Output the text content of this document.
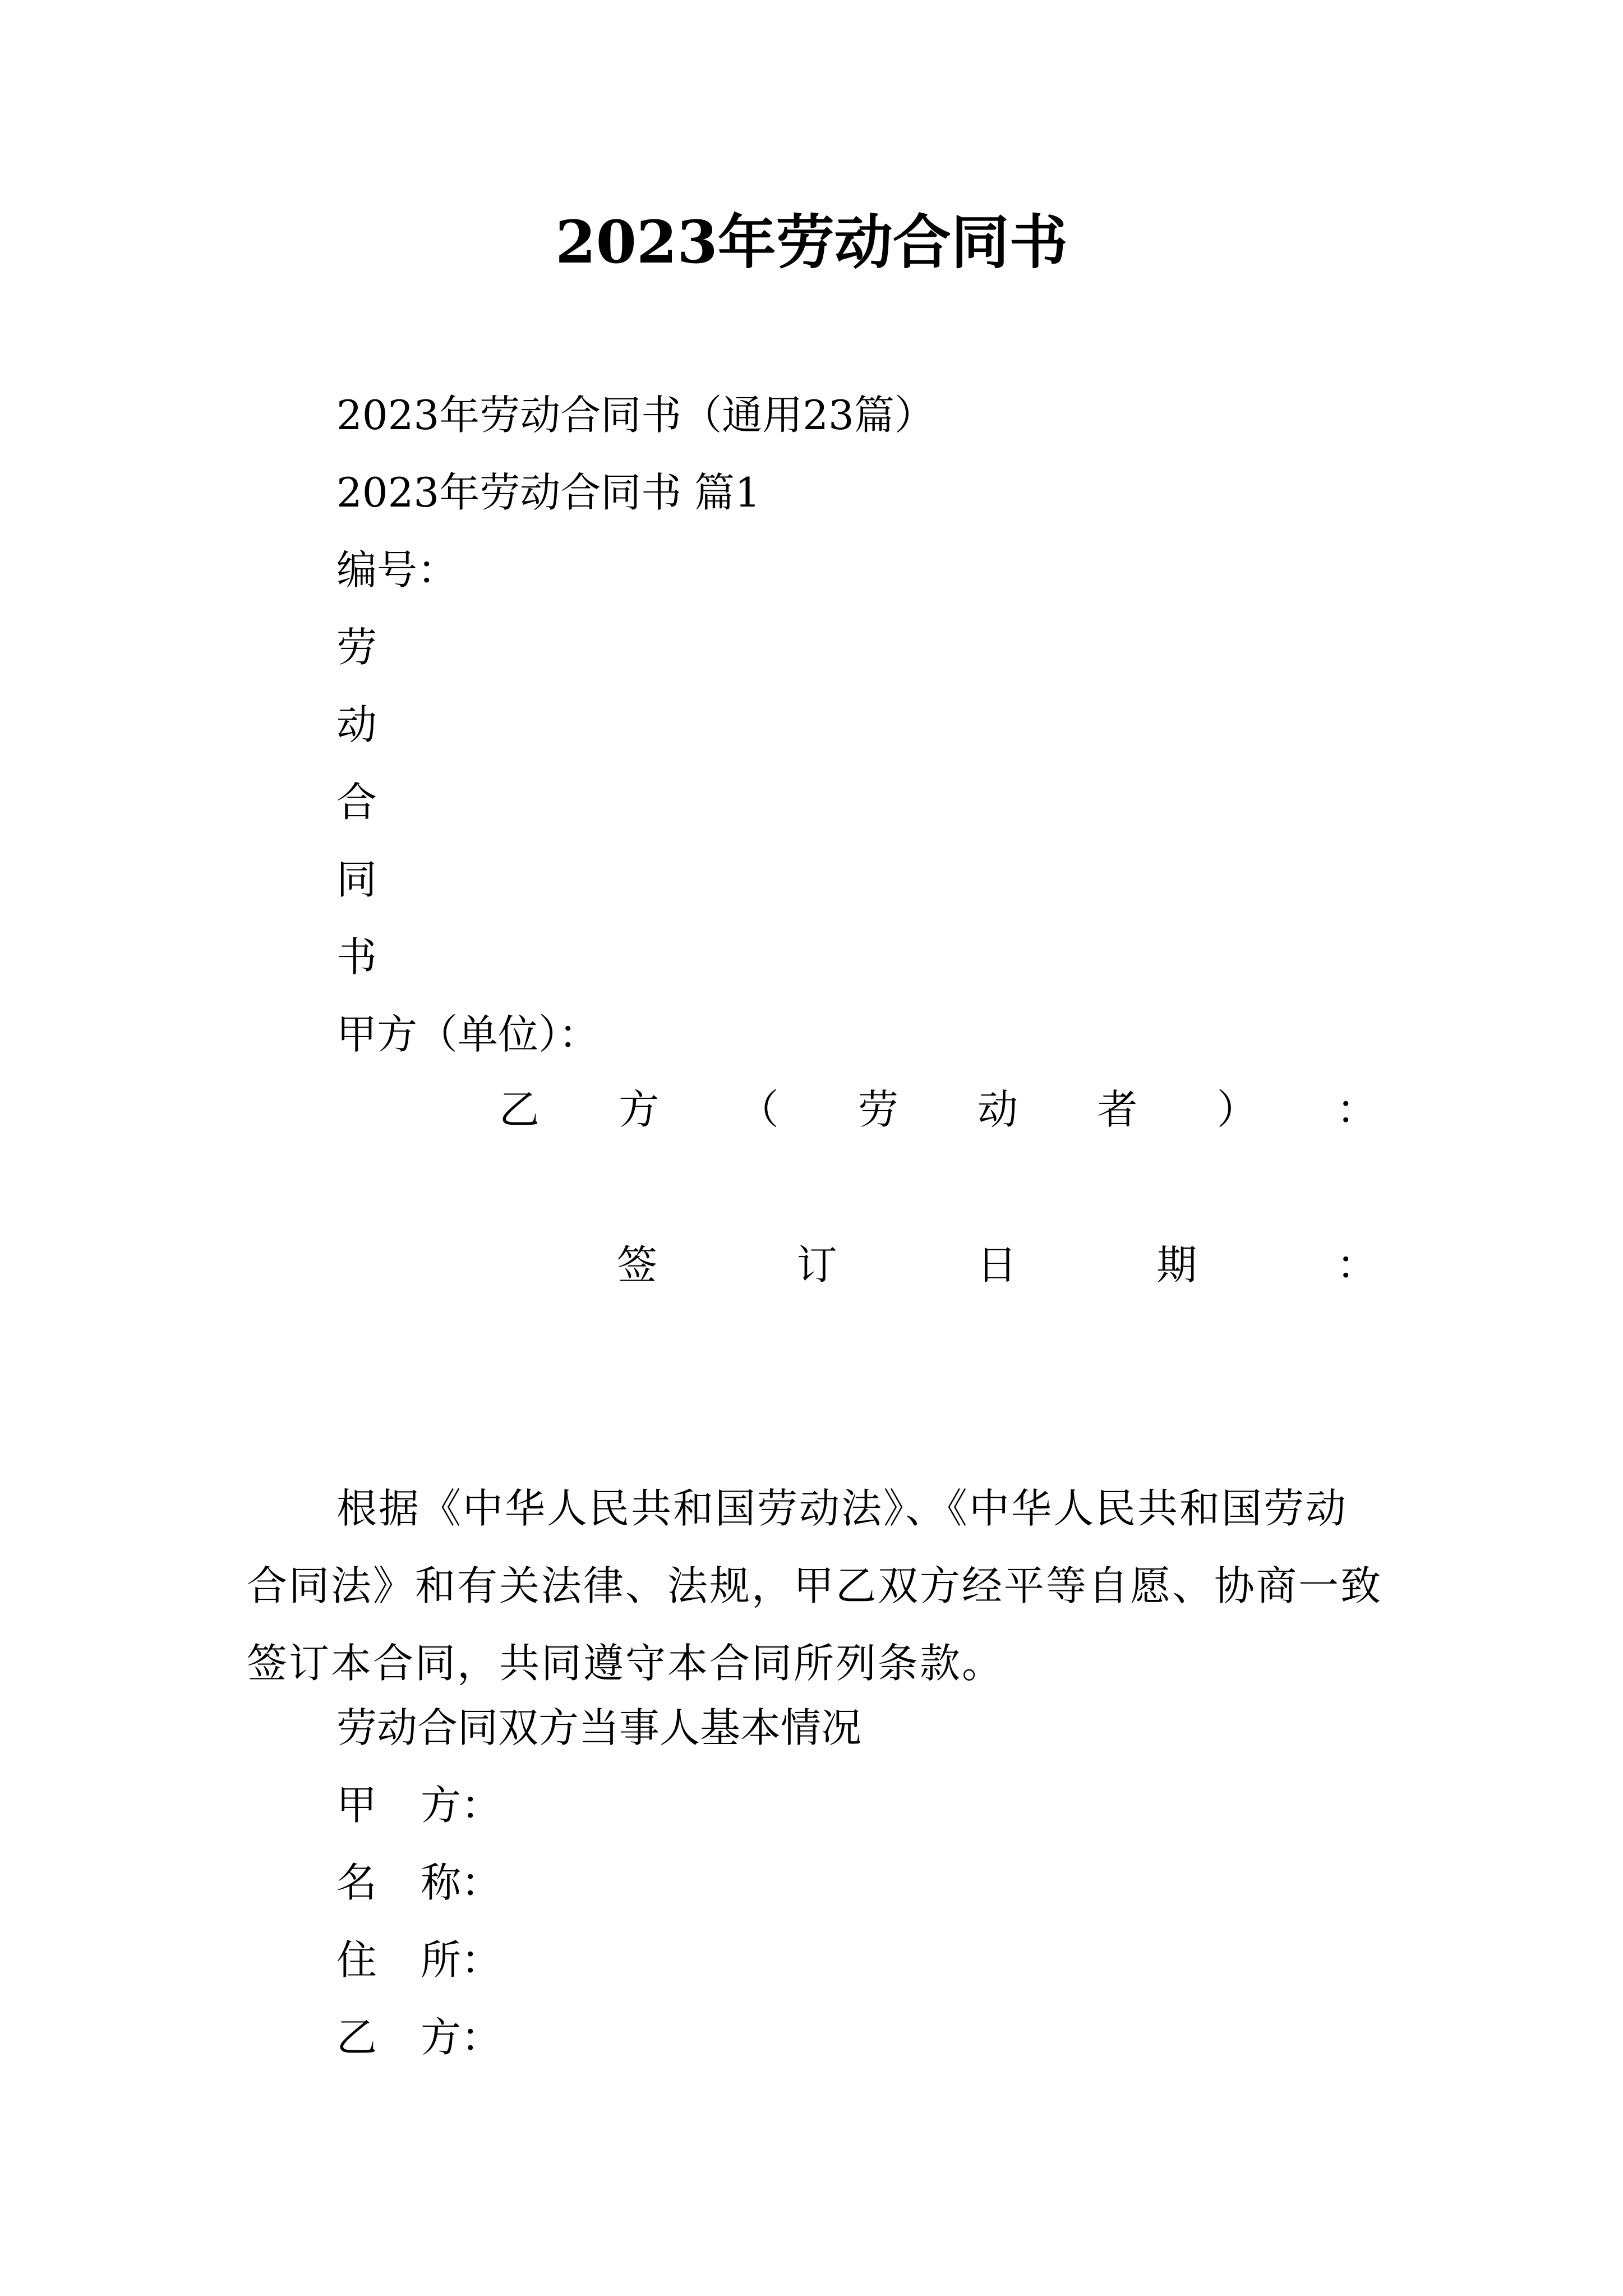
2023年劳动合同书

2023年劳动合同书（通用23篇）

2023年劳动合同书 篇1

编号：

劳

动

合

同

书

甲方（单位）：

乙 方 （ 劳 动 者 ） ：
签	订	日	期	：

根据《中华人民共和国劳动法》、《中华人民共和国劳动合同法》和有关法律、法规，甲乙双方经平等自愿、协商一致签订本合同，共同遵守本合同所列条款。

劳动合同双方当事人基本情况

甲 方：

名 称：

住 所：

乙 方：
